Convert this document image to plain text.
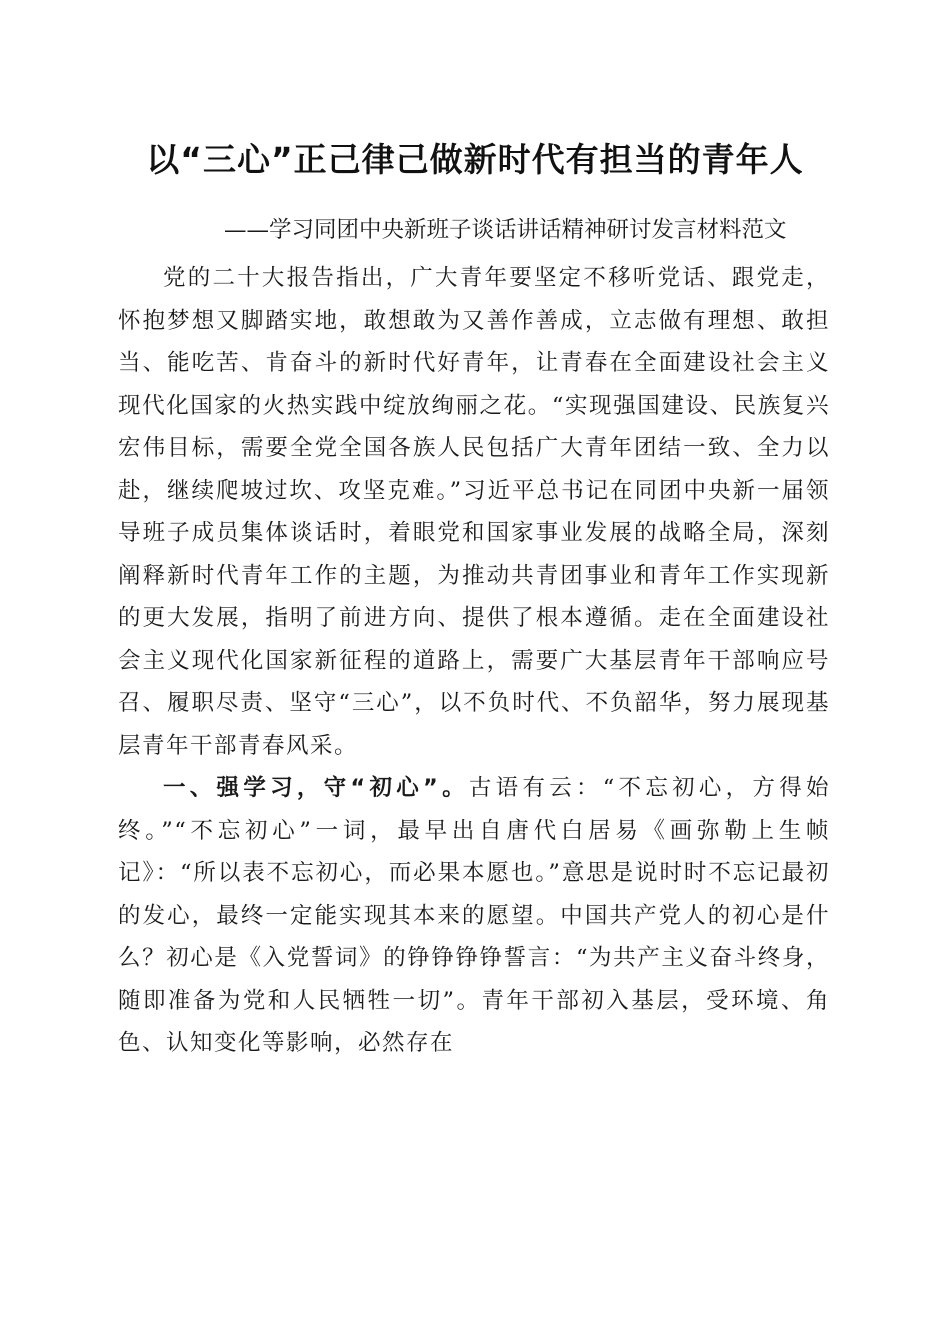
以“三心”正己律己做新时代有担当的青年人

——学习同团中央新班子谈话讲话精神研讨发言材料范文

党的二十大报告指出，广大青年要坚定不移听党话、跟党走，怀抱梦想又脚踏实地，敢想敢为又善作善成，立志做有理想、敢担当、能吃苦、肯奋斗的新时代好青年，让青春在全面建设社会主义现代化国家的火热实践中绽放绚丽之花。“实现强国建设、民族复兴宏伟目标，需要全党全国各族人民包括广大青年团结一致、全力以赴，继续爬坡过坎、攻坚克难。”习近平总书记在同团中央新一届领导班子成员集体谈话时，着眼党和国家事业发展的战略全局，深刻阐释新时代青年工作的主题，为推动共青团事业和青年工作实现新的更大发展，指明了前进方向、提供了根本遵循。走在全面建设社会主义现代化国家新征程的道路上，需要广大基层青年干部响应号召、履职尽责、坚守“三心”，以不负时代、不负韶华，努力展现基层青年干部青春风采。

一、强学习，守“初心”。古语有云：“不忘初心，方得始终。”“不忘初心”一词，最早出自唐代白居易《画弥勒上生帧记》：“所以表不忘初心，而必果本愿也。”意思是说时时不忘记最初的发心，最终一定能实现其本来的愿望。中国共产党人的初心是什么？初心是《入党誓词》的铮铮铮铮誓言：“为共产主义奋斗终身，随即准备为党和人民牺牲一切”。青年干部初入基层，受环境、角色、认知变化等影响，必然存在
